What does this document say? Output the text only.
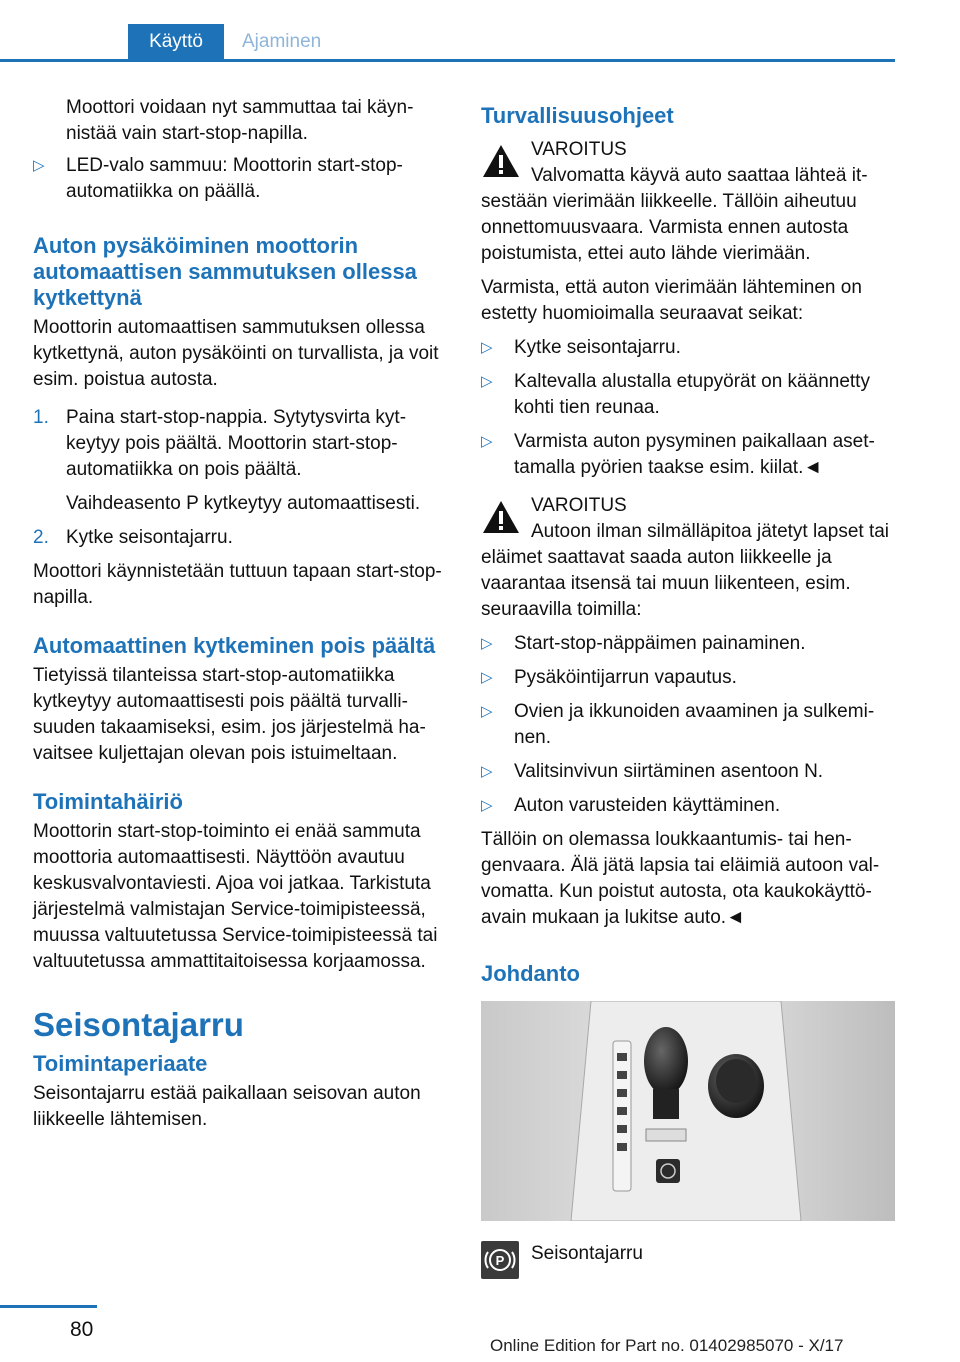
Käyttö	Ajaminen

Moottori voidaan nyt sammuttaa tai käynnistää vain start-stop-napilla.

▷ LED-valo sammuu: Moottorin start-stop-automatiikka on päällä.
Auton pysäköiminen moottorin automaattisen sammutuksen ollessa kytkettynä

Moottorin automaattisen sammutuksen ollessa kytkettynä, auton pysäköinti on turvallista, ja voit esim. poistua autosta.

1. Paina start-stop-nappia. Sytytysvirta kytkeytyy pois päältä. Moottorin start-stop-automatiikka on pois päältä.

Vaihdeasento P kytkeytyy automaattisesti.

2. Kytke seisontajarru.

Moottori käynnistetään tuttuun tapaan start-stop-napilla.

Automaattinen kytkeminen pois päältä

Tietyissä tilanteissa start-stop-automatiikka kytkeytyy automaattisesti pois päältä turvallisuuden takaamiseksi, esim. jos järjestelmä havaitsee kuljettajan olevan pois istuimeltaan.

Toimintahäiriö

Moottorin start-stop-toiminto ei enää sammuta moottoria automaattisesti. Näyttöön avautuu keskusvalvontaviesti. Ajoa voi jatkaa. Tarkistuta järjestelmä valmistajan Service-toimipisteessä, muussa valtuutetussa Service-toimipisteessä tai valtuutetussa ammattitaitoisessa korjaamossa.

Seisontajarru
Toimintaperiaate

Seisontajarru estää paikallaan seisovan auton liikkeelle lähtemisen.

Turvallisuusohjeet

VAROITUS

Valvomatta käyvä auto saattaa lähteä itsestään vierimään liikkeelle. Tällöin aiheutuu onnettomuusvaara. Varmista ennen autosta poistumista, ettei auto lähde vierimään.

Varmista, että auton vierimään lähteminen on estetty huomioimalla seuraavat seikat:

▷ Kytke seisontajarru.
▷ Kaltevalla alustalla etupyörät on käännetty kohti tien reunaa.
▷ Varmista auton pysyminen paikallaan asettamalla pyörien taakse esim. kiilat.◄

VAROITUS

Autoon ilman silmälläpitoa jätetyt lapset tai eläimet saattavat saada auton liikkeelle ja vaarantaa itsensä tai muun liikenteen, esim. seuraavilla toimilla:

▷ Start-stop-näppäimen painaminen.
▷ Pysäköintijarrun vapautus.
▷ Ovien ja ikkunoiden avaaminen ja sulkeminen.
▷ Valitsinvivun siirtäminen asentoon N.
▷ Auton varusteiden käyttäminen.

Tällöin on olemassa loukkaantumis- tai hengenvaara. Älä jätä lapsia tai eläimiä autoon valvomatta. Kun poistut autosta, ota kaukokäyttöavain mukaan ja lukitse auto.◄

Johdanto
P Seisontajarru
80
Online Edition for Part no. 01402985070 - X/17
